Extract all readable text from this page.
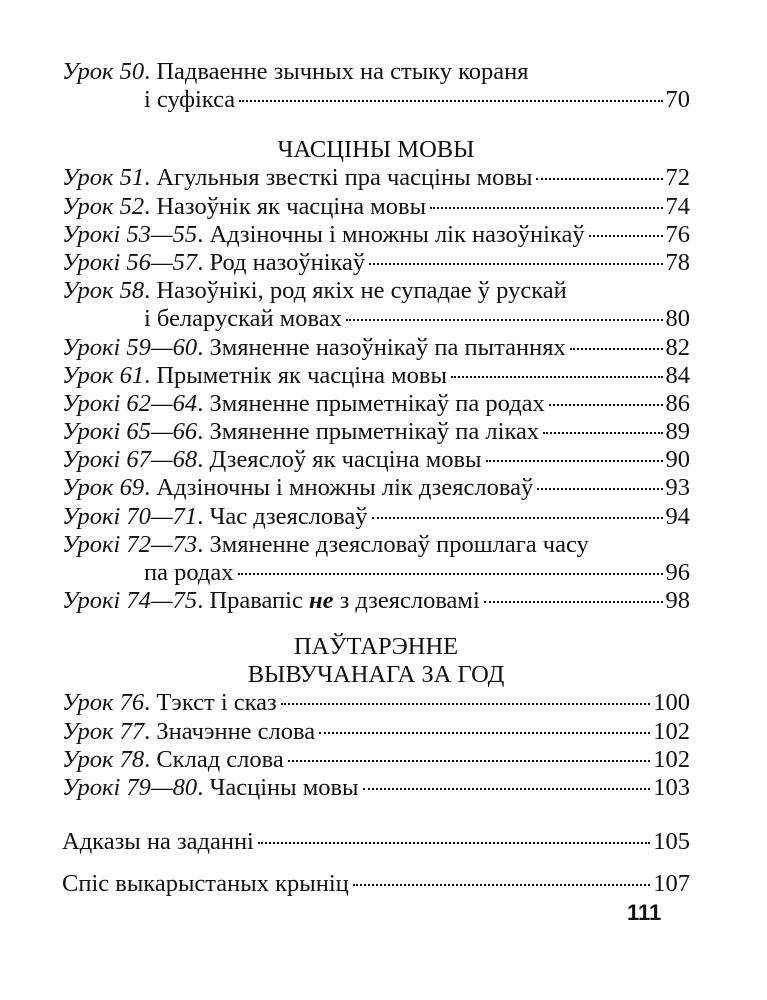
Урок 50. Падваенне зычных на стыку кораня
і суфікса	70
ЧАСЦІНЫ МОВЫ
Урок 51. Агульныя звесткі пра часціны мовы	72
Урок 52. Назоўнік як часціна мовы	74
Урокі 53—55. Адзіночны і множны лік назоўнікаў	76
Урокі 56—57. Род назоўнікаў	78
Урок 58. Назоўнікі, род якіх не супадае ў рускай
і беларускай мовах	80
Урокі 59—60. Змяненне назоўнікаў па пытаннях	82
Урок 61. Прыметнік як часціна мовы	84
Урокі 62—64. Змяненне прыметнікаў па родах	86
Урокі 65—66. Змяненне прыметнікаў па ліках	89
Урокі 67—68. Дзеяслоў як часціна мовы	90
Урок 69. Адзіночны і множны лік дзеясловаў	93
Урокі 70—71. Час дзеясловаў	94
Урокі 72—73. Змяненне дзеясловаў прошлага часу
па родах	96
Урокі 74—75. Правапіс не з дзеясловамі	98
ПАЎТАРЭННЕ
ВЫВУЧАНАГА ЗА ГОД
Урок 76. Тэкст і сказ	100
Урок 77. Значэнне слова	102
Урок 78. Склад слова	102
Урокі 79—80. Часціны мовы	103
Адказы на заданні	105
Спіс выкарыстаных крыніц	107
111
